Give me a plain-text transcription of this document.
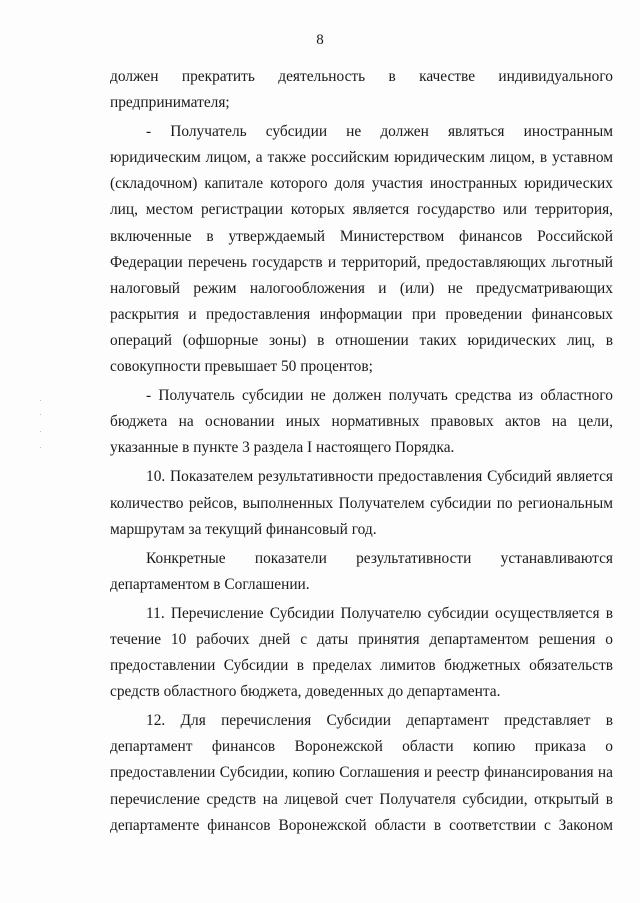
8

должен прекратить деятельность в качестве индивидуального предпринимателя;

- Получатель субсидии не должен являться иностранным юридическим лицом, а также российским юридическим лицом, в уставном (складочном) капитале которого доля участия иностранных юридических лиц, местом регистрации которых является государство или территория, включенные в утверждаемый Министерством финансов Российской Федерации перечень государств и территорий, предоставляющих льготный налоговый режим налогообложения и (или) не предусматривающих раскрытия и предоставления информации при проведении финансовых операций (офшорные зоны) в отношении таких юридических лиц, в совокупности превышает 50 процентов;

- Получатель субсидии не должен получать средства из областного бюджета на основании иных нормативных правовых актов на цели, указанные в пункте 3 раздела I настоящего Порядка.

10. Показателем результативности предоставления Субсидий является количество рейсов, выполненных Получателем субсидии по региональным маршрутам за текущий финансовый год.

Конкретные показатели результативности устанавливаются департаментом в Соглашении.

11. Перечисление Субсидии Получателю субсидии осуществляется в течение 10 рабочих дней с даты принятия департаментом решения о предоставлении Субсидии в пределах лимитов бюджетных обязательств средств областного бюджета, доведенных до департамента.

12. Для перечисления Субсидии департамент представляет в департамент финансов Воронежской области копию приказа о предоставлении Субсидии, копию Соглашения и реестр финансирования на перечисление средств на лицевой счет Получателя субсидии, открытый в департаменте финансов Воронежской области в соответствии с Законом
